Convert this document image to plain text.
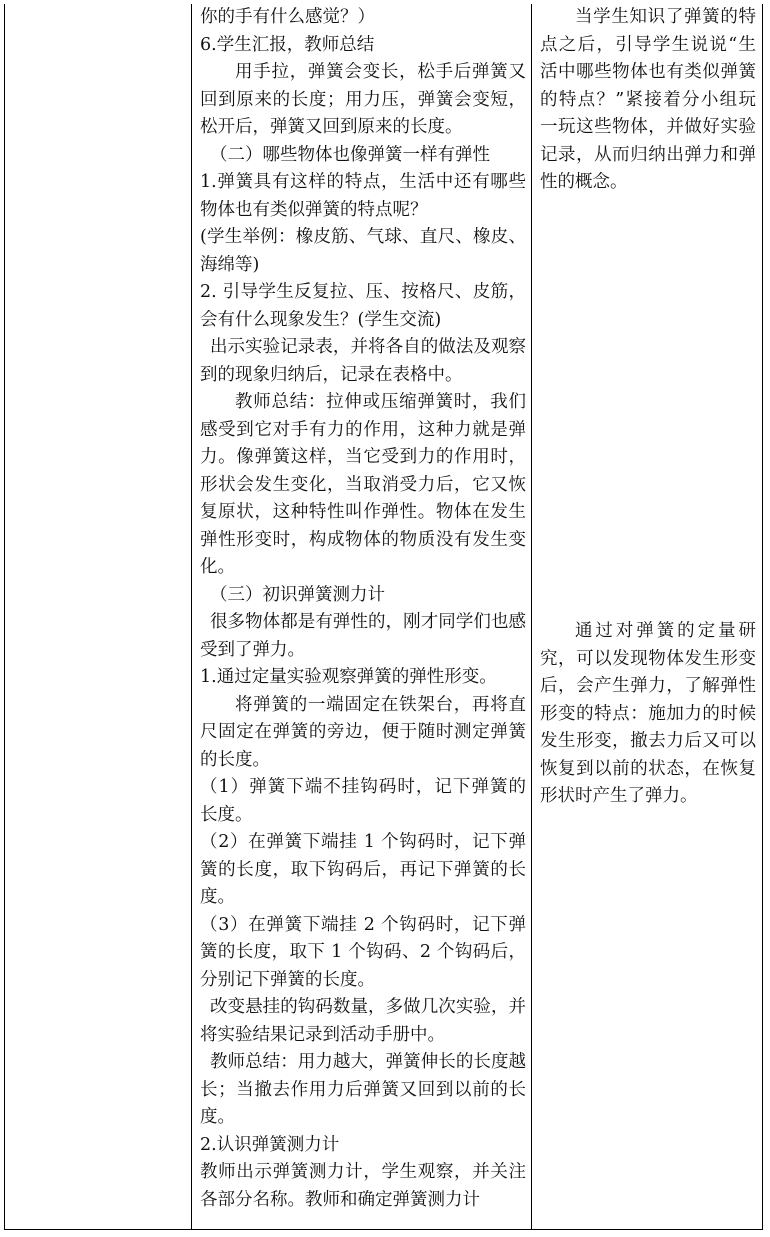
你的手有什么感觉？）

6.学生汇报，教师总结

用手拉，弹簧会变长，松手后弹簧又回到原来的长度；用力压，弹簧会变短，松开后，弹簧又回到原来的长度。

（二）哪些物体也像弹簧一样有弹性

1.弹簧具有这样的特点，生活中还有哪些物体也有类似弹簧的特点呢？

(学生举例：橡皮筋、气球、直尺、橡皮、海绵等)

2. 引导学生反复拉、压、按格尺、皮筋，会有什么现象发生？(学生交流)

出示实验记录表，并将各自的做法及观察到的现象归纳后，记录在表格中。

教师总结：拉伸或压缩弹簧时，我们感受到它对手有力的作用，这种力就是弹力。像弹簧这样，当它受到力的作用时，形状会发生变化，当取消受力后，它又恢复原状，这种特性叫作弹性。物体在发生弹性形变时，构成物体的物质没有发生变化。

（三）初识弹簧测力计

很多物体都是有弹性的，刚才同学们也感受到了弹力。

1.通过定量实验观察弹簧的弹性形变。

将弹簧的一端固定在铁架台，再将直尺固定在弹簧的旁边，便于随时测定弹簧的长度。

（1）弹簧下端不挂钩码时，记下弹簧的长度。

（2）在弹簧下端挂 1 个钩码时，记下弹簧的长度，取下钩码后，再记下弹簧的长度。

（3）在弹簧下端挂 2 个钩码时，记下弹簧的长度，取下 1 个钩码、2 个钩码后，分别记下弹簧的长度。

改变悬挂的钩码数量，多做几次实验，并将实验结果记录到活动手册中。

教师总结：用力越大，弹簧伸长的长度越长；当撤去作用力后弹簧又回到以前的长度。

2.认识弹簧测力计

教师出示弹簧测力计，学生观察，并关注各部分名称。教师和确定弹簧测力计

当学生知识了弹簧的特点之后，引导学生说说“生活中哪些物体也有类似弹簧的特点？”紧接着分小组玩一玩这些物体，并做好实验记录，从而归纳出弹力和弹性的概念。

通过对弹簧的定量研究，可以发现物体发生形变后，会产生弹力，了解弹性形变的特点：施加力的时候发生形变，撤去力后又可以恢复到以前的状态，在恢复形状时产生了弹力。
